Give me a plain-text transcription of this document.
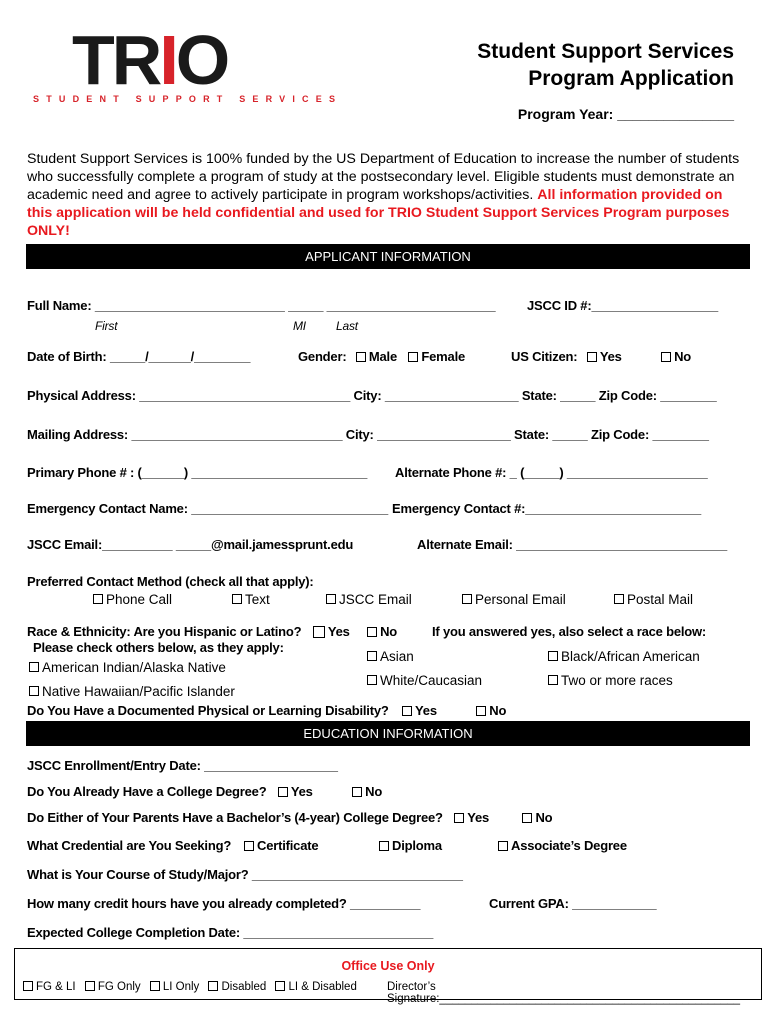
TRIO
STUDENT SUPPORT SERVICES
Student Support Services
Program Application
Program Year: _______________
Student Support Services is 100% funded by the US Department of Education to increase the number of students who successfully complete a program of study at the postsecondary level. Eligible students must demonstrate an academic need and agree to actively participate in program workshops/activities. All information provided on this application will be held confidential and used for TRIO Student Support Services Program purposes ONLY!
APPLICANT INFORMATION
Full Name: ___________________________ _____ ________________________
First	MI	Last
JSCC ID #:__________________
Date of Birth: _____/______/________	Gender: Male Female	US Citizen: Yes	No
Physical Address: ______________________________ City: ___________________ State: _____ Zip Code: ________
Mailing Address: ______________________________ City: ___________________ State: _____ Zip Code: ________
Primary Phone # : (______) _________________________ Alternate Phone #: _ (_____) ____________________
Emergency Contact Name: ____________________________ Emergency Contact #:_________________________
JSCC Email:__________ _____@mail.jamessprunt.edu	Alternate Email: ______________________________
Preferred Contact Method (check all that apply):
Phone Call	Text	JSCC Email	Personal Email	Postal Mail
Race & Ethnicity: Are you Hispanic or Latino? Yes No	If you answered yes, also select a race below:
Please check others below, as they apply:
American Indian/Alaska Native
Asian	Black/African American
White/Caucasian	Two or more races
Native Hawaiian/Pacific Islander
Do You Have a Documented Physical or Learning Disability? Yes	No
EDUCATION INFORMATION
JSCC Enrollment/Entry Date: ___________________
Do You Already Have a College Degree? Yes	No
Do Either of Your Parents Have a Bachelor’s (4-year) College Degree? Yes	No
What Credential are You Seeking?	Certificate	Diploma	Associate’s Degree
What is Your Course of Study/Major? ______________________________
How many credit hours have you already completed? __________	Current GPA: ____________
Expected College Completion Date: ___________________________
Office Use Only
FG & LI FG Only LI Only Disabled LI & Disabled	Director’s Signature:_______________________________________________
